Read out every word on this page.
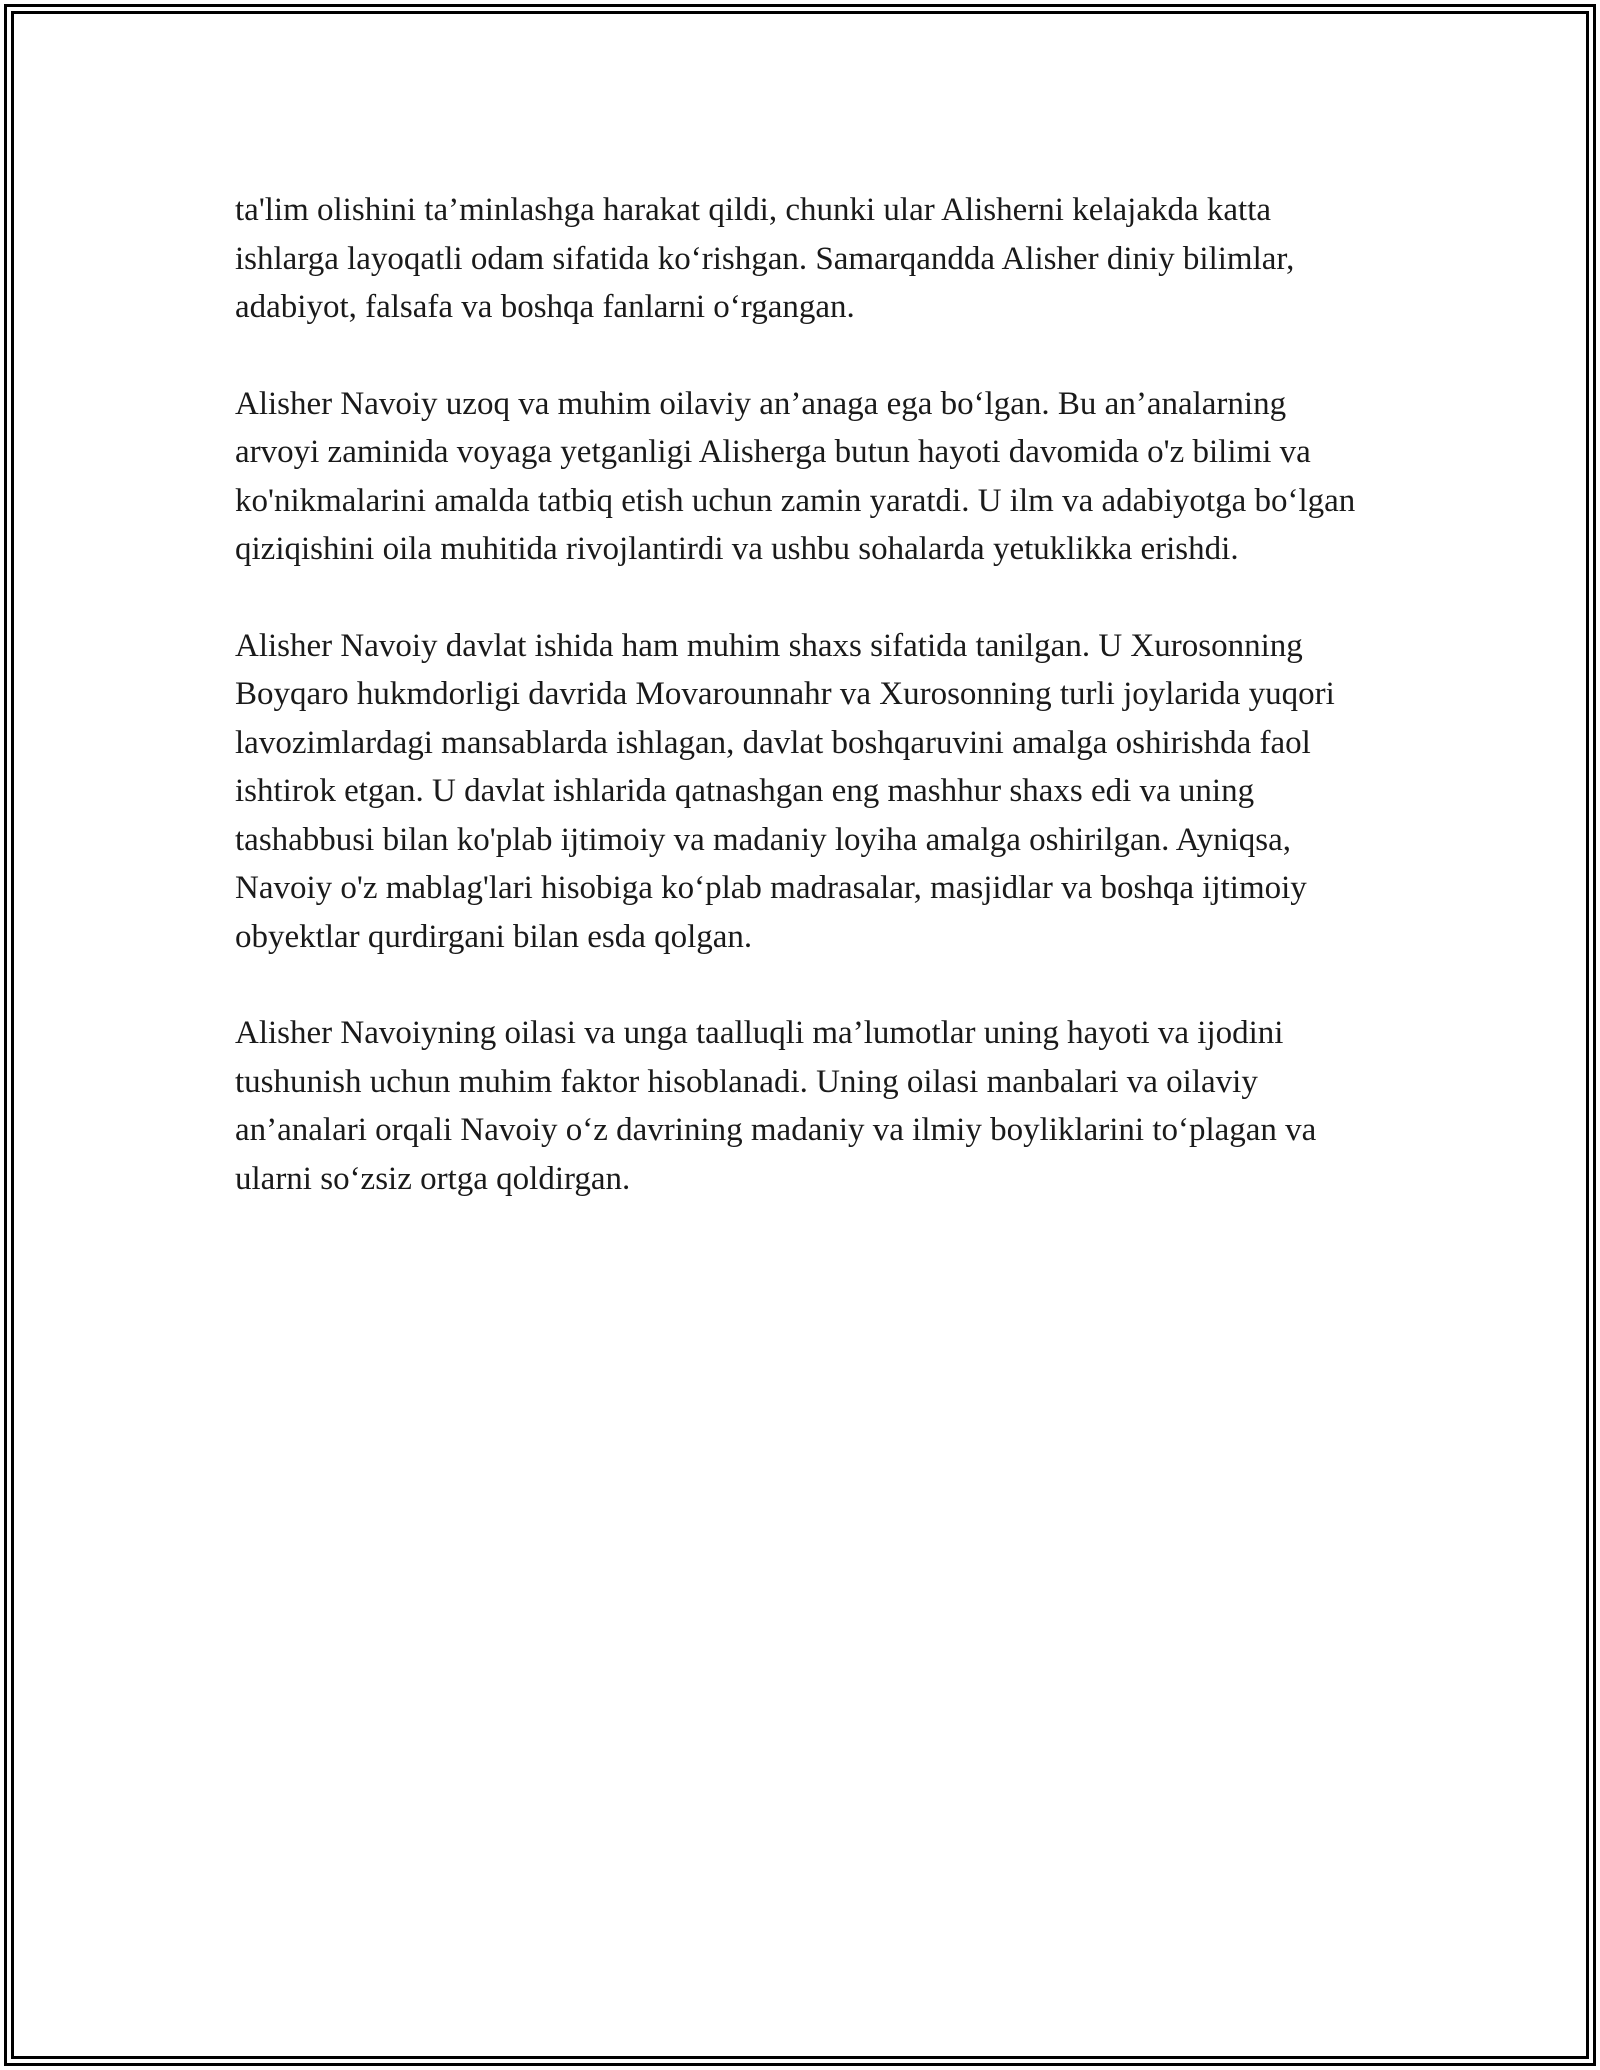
ta'lim olishini ta’minlashga harakat qildi, chunki ular Alisherni kelajakda katta ishlarga layoqatli odam sifatida ko‘rishgan. Samarqandda Alisher diniy bilimlar, adabiyot, falsafa va boshqa fanlarni o‘rgangan.

Alisher Navoiy uzoq va muhim oilaviy an’anaga ega bo‘lgan. Bu an’analarning arvoyi zaminida voyaga yetganligi Alisherga butun hayoti davomida o'z bilimi va ko'nikmalarini amalda tatbiq etish uchun zamin yaratdi. U ilm va adabiyotga bo‘lgan qiziqishini oila muhitida rivojlantirdi va ushbu sohalarda yetuklikka erishdi.

Alisher Navoiy davlat ishida ham muhim shaxs sifatida tanilgan. U Xurosonning Boyqaro hukmdorligi davrida Movarounnahr va Xurosonning turli joylarida yuqori lavozimlardagi mansablarda ishlagan, davlat boshqaruvini amalga oshirishda faol ishtirok etgan. U davlat ishlarida qatnashgan eng mashhur shaxs edi va uning tashabbusi bilan ko'plab ijtimoiy va madaniy loyiha amalga oshirilgan. Ayniqsa, Navoiy o'z mablag'lari hisobiga ko‘plab madrasalar, masjidlar va boshqa ijtimoiy obyektlar qurdirgani bilan esda qolgan.

Alisher Navoiyning oilasi va unga taalluqli ma’lumotlar uning hayoti va ijodini tushunish uchun muhim faktor hisoblanadi. Uning oilasi manbalari va oilaviy an’analari orqali Navoiy o‘z davrining madaniy va ilmiy boyliklarini to‘plagan va ularni so‘zsiz ortga qoldirgan.
